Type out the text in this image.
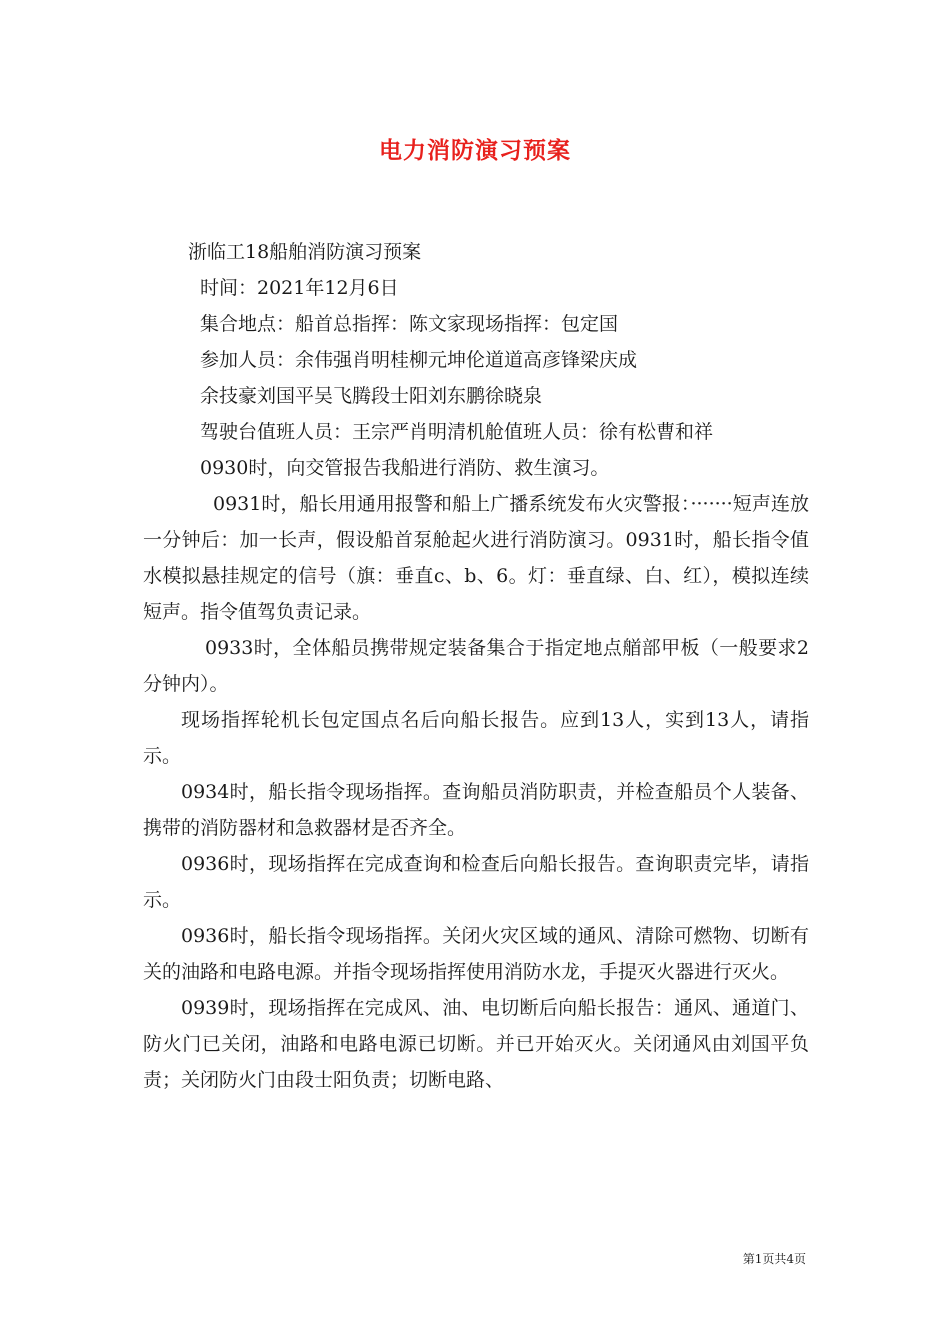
电力消防演习预案
浙临工18船舶消防演习预案
时间：2021年12月6日
集合地点：船首总指挥：陈文家现场指挥：包定国
参加人员：余伟强肖明桂柳元坤伦道道高彦锋梁庆成
余技豪刘国平吴飞腾段士阳刘东鹏徐晓泉
驾驶台值班人员：王宗严肖明清机舱值班人员：徐有松曹和祥
0930时，向交管报告我船进行消防、救生演习。

0931时，船长用通用报警和船上广播系统发布火灾警报：·······短声连放一分钟后：加一长声，假设船首泵舱起火进行消防演习。0931时，船长指令值水模拟悬挂规定的信号（旗：垂直c、b、6。灯：垂直绿、白、红），模拟连续短声。指令值驾负责记录。

0933时，全体船员携带规定装备集合于指定地点艏部甲板（一般要求2分钟内）。

现场指挥轮机长包定国点名后向船长报告。应到13人，实到13人，请指示。

0934时，船长指令现场指挥。查询船员消防职责，并检查船员个人装备、携带的消防器材和急救器材是否齐全。

0936时，现场指挥在完成查询和检查后向船长报告。查询职责完毕，请指示。

0936时，船长指令现场指挥。关闭火灾区域的通风、清除可燃物、切断有关的油路和电路电源。并指令现场指挥使用消防水龙，手提灭火器进行灭火。

0939时，现场指挥在完成风、油、电切断后向船长报告：通风、通道门、防火门已关闭，油路和电路电源已切断。并已开始灭火。关闭通风由刘国平负责；关闭防火门由段士阳负责；切断电路、

第1页共4页
